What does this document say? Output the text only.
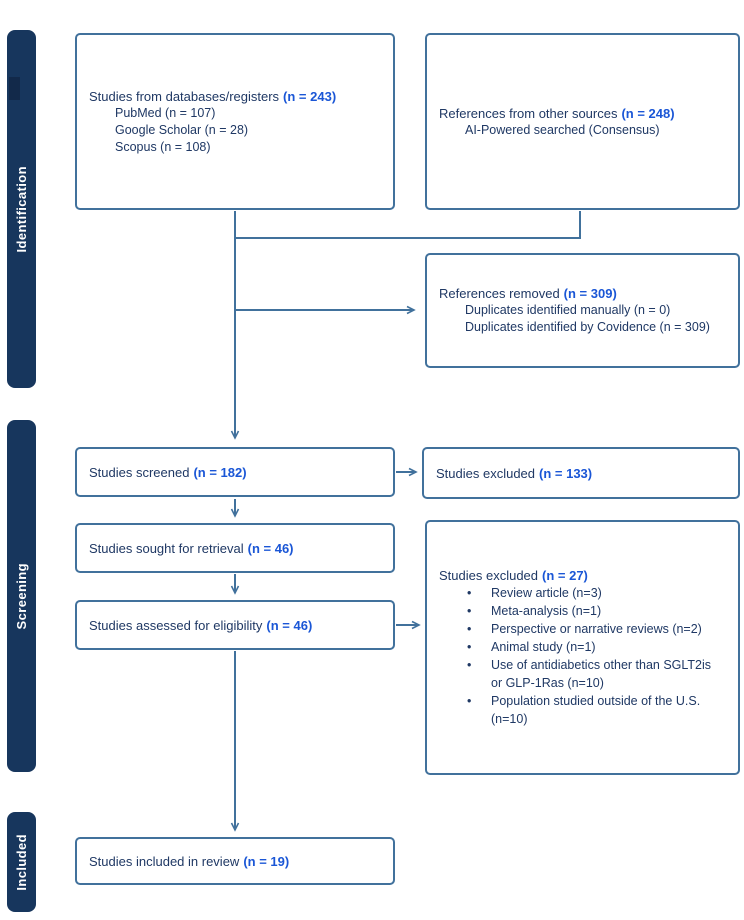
Identification
Screening
Included
Studies from databases/registers (n = 243)
PubMed (n = 107)
Google Scholar (n = 28)
Scopus (n = 108)
References from other sources (n = 248)
AI-Powered searched (Consensus)
References removed (n = 309)
Duplicates identified manually (n = 0)
Duplicates identified by Covidence (n = 309)
Studies screened (n = 182)	Studies excluded (n = 133)
Studies sought for retrieval (n = 46)
Studies assessed for eligibility (n = 46)
Studies excluded (n = 27)
•	Review article (n=3)
•	Meta-analysis (n=1)
•	Perspective or narrative reviews (n=2)
•	Animal study (n=1)
•	Use of antidiabetics other than SGLT2is or GLP-1Ras (n=10)
•	Population studied outside of the U.S. (n=10)
Studies included in review (n = 19)
